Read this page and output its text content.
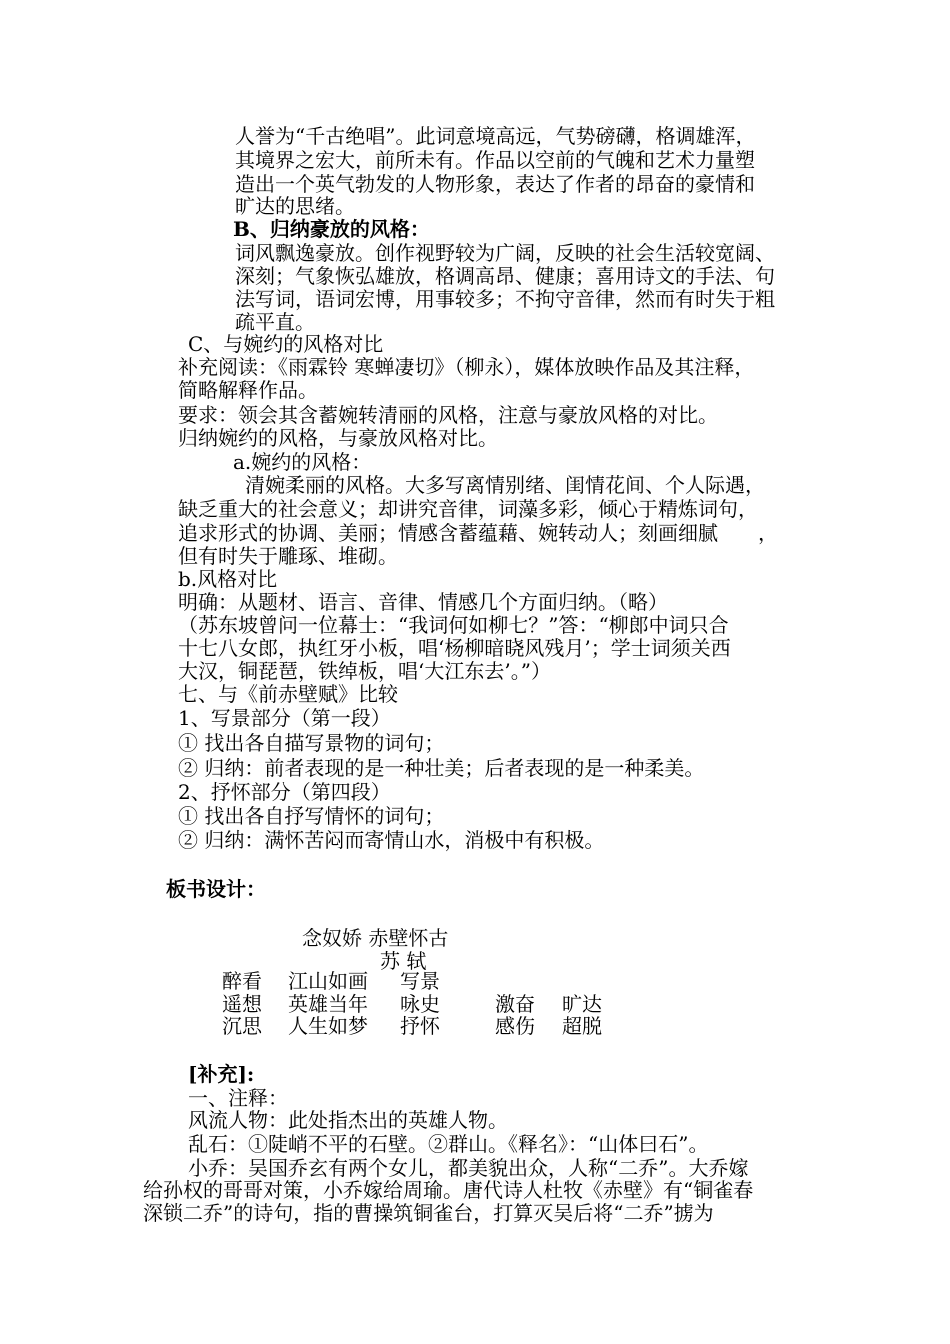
人誉为“千古绝唱”。此词意境高远，气势磅礴，格调雄浑，
其境界之宏大，前所未有。作品以空前的气魄和艺术力量塑
造出一个英气勃发的人物形象，表达了作者的昂奋的豪情和
旷达的思绪。
B、归纳豪放的风格：
词风飘逸豪放。创作视野较为广阔，反映的社会生活较宽阔、
深刻；气象恢弘雄放，格调高昂、健康；喜用诗文的手法、句
法写词，语词宏博，用事较多；不拘守音律，然而有时失于粗
疏平直。
C、与婉约的风格对比
补充阅读：《雨霖铃 寒蝉凄切》（柳永），媒体放映作品及其注释，
简略解释作品。
要求：领会其含蓄婉转清丽的风格，注意与豪放风格的对比。
归纳婉约的风格，与豪放风格对比。
a.婉约的风格：
清婉柔丽的风格。大多写离情别绪、闺情花间、个人际遇，
缺乏重大的社会意义；却讲究音律，词藻多彩，倾心于精炼词句，
追求形式的协调、美丽；情感含蓄蕴藉、婉转动人；刻画细腻　　，
但有时失于雕琢、堆砌。
b.风格对比
明确：从题材、语言、音律、情感几个方面归纳。（略）
（苏东坡曾问一位幕士：“我词何如柳七？”答：“柳郎中词只合
十七八女郎，执红牙小板，唱‘杨柳暗晓风残月’；学士词须关西
大汉，铜琵琶，铁绰板，唱‘大江东去’。”）
七、与《前赤壁赋》比较
1、写景部分（第一段）
① 找出各自描写景物的词句；
② 归纳：前者表现的是一种壮美；后者表现的是一种柔美。
2、抒怀部分（第四段）
① 找出各自抒写情怀的词句；
② 归纳：满怀苦闷而寄情山水，消极中有积极。
板书设计：
念奴娇 赤壁怀古
苏 轼
醉看 江山如画 写景
遥想 英雄当年 咏史	激奋 旷达
沉思 人生如梦 抒怀	感伤 超脱
[补充]:
一、注释：
风流人物：此处指杰出的英雄人物。
乱石：①陡峭不平的石壁。②群山。《释名》：“山体曰石”。
小乔：吴国乔玄有两个女儿，都美貌出众，人称“二乔”。大乔嫁
给孙权的哥哥对策，小乔嫁给周瑜。唐代诗人杜牧《赤壁》有“铜雀春
深锁二乔”的诗句，指的曹操筑铜雀台，打算灭吴后将“二乔”掳为
